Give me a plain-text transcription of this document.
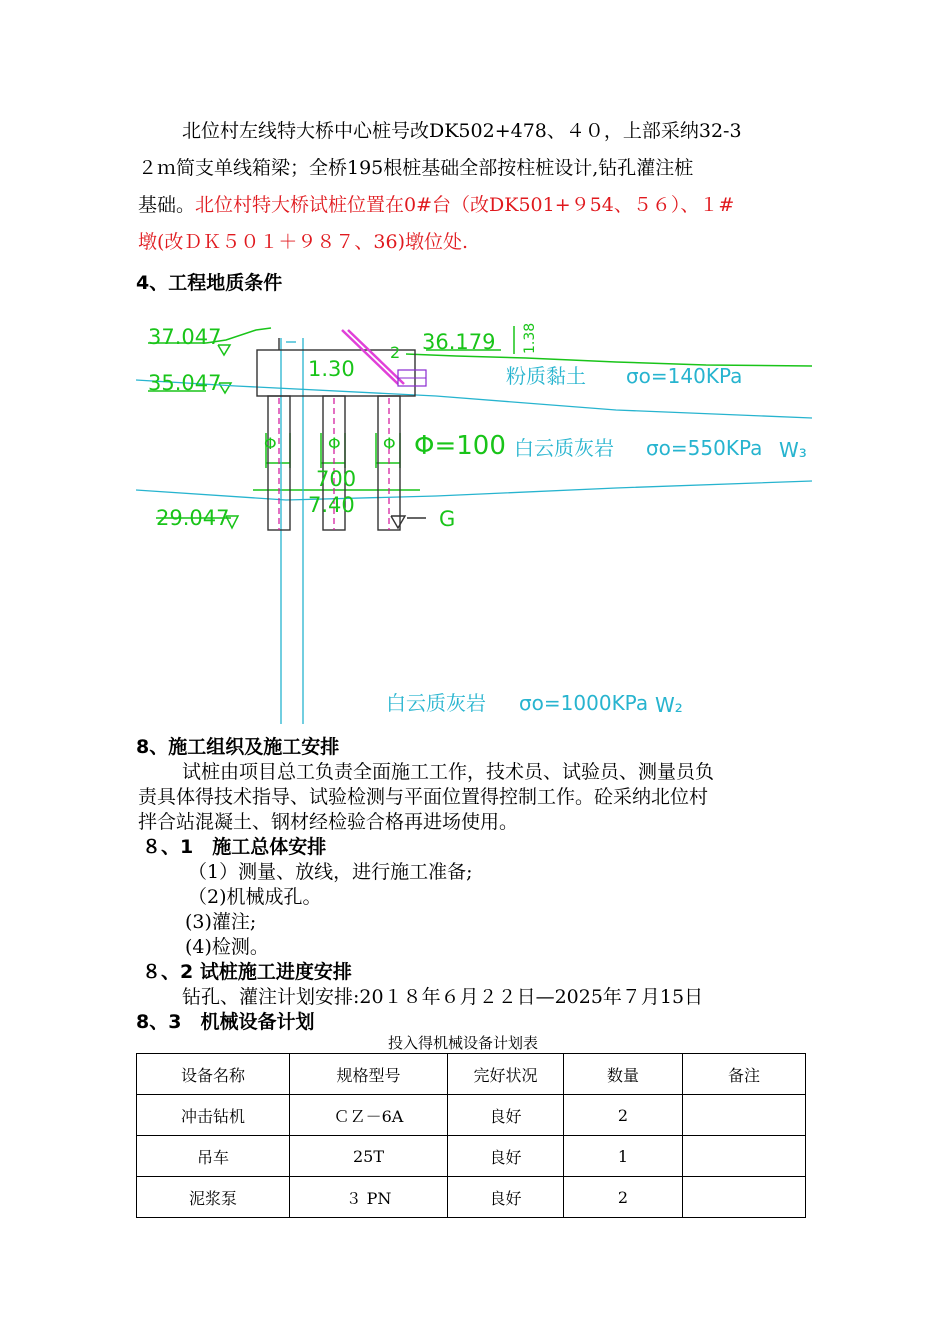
北位村左线特大桥中心桩号改DK502+478、４０，上部采纳32-3
２ｍ简支单线箱梁；全桥195根桩基础全部按柱桩设计,钻孔灌注桩
基础。北位村特大桥试桩位置在0#台（改DK501+９54、５６）、１#
墩(改ＤＫ５０１＋９８７、36)墩位处.
4、工程地质条件
37.047	36.179
35.047
29.047
Φ=100
700
7.40
1.30
G
2
Φ	Φ	Φ
1.38
粉质黏土 σo=140KPa
白云质灰岩 σo=550KPa W₃
白云质灰岩 σo=1000KPa W₂
8、施工组织及施工安排
试桩由项目总工负责全面施工工作，技术员、试验员、测量员负
责具体得技术指导、试验检测与平面位置得控制工作。砼采纳北位村
拌合站混凝土、钢材经检验合格再进场使用。
８、1　施工总体安排
（1）测量、放线，进行施工准备;
（2)机械成孔。
(3)灌注;
(4)检测。
８、2 试桩施工进度安排
钻孔、灌注计划安排:20１８年６月２２日—2025年７月15日
8、3　机械设备计划
投入得机械设备计划表
设备名称	规格型号	完好状况	数量	备注
冲击钻机	ＣＺ－6A	良好	2	
吊车	25T	良好	1	
泥浆泵	３ PN	良好	2	
